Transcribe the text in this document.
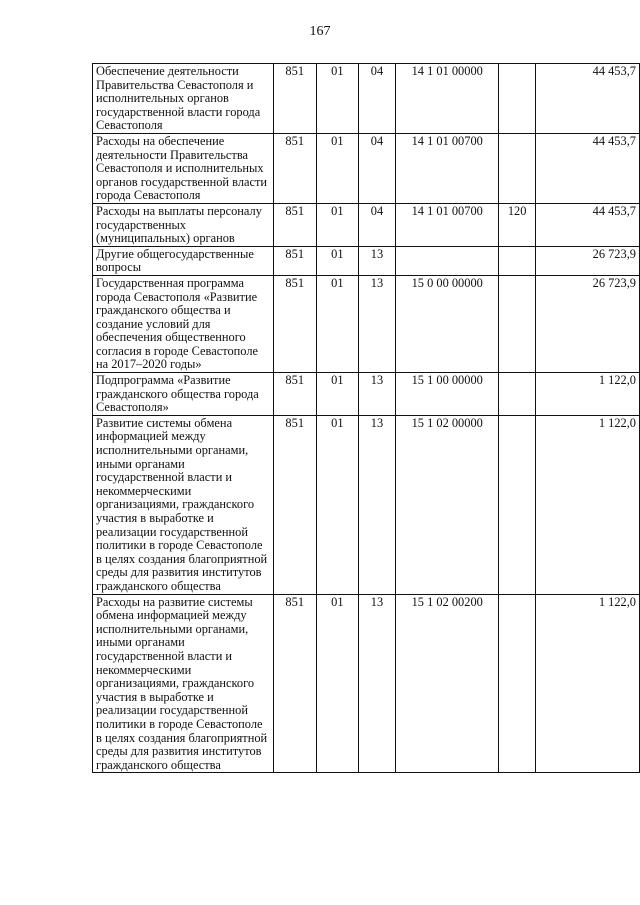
167
Обеспечение деятельности Правительства Севастополя и исполнительных органов государственной власти города Севастополя	851	01	04	14 1 01 00000		44 453,7
Расходы на обеспечение деятельности Правительства Севастополя и исполнительных органов государственной власти города Севастополя	851	01	04	14 1 01 00700		44 453,7
Расходы на выплаты персоналу государственных (муниципальных) органов	851	01	04	14 1 01 00700	120	44 453,7
Другие общегосударственные вопросы	851	01	13			26 723,9
Государственная программа города Севастополя «Развитие гражданского общества и создание условий для обеспечения общественного согласия в городе Севастополе на 2017–2020 годы»	851	01	13	15 0 00 00000		26 723,9
Подпрограмма «Развитие гражданского общества города Севастополя»	851	01	13	15 1 00 00000		1 122,0
Развитие системы обмена информацией между исполнительными органами, иными органами государственной власти и некоммерческими организациями, гражданского участия в выработке и реализации государственной политики в городе Севастополе в целях создания благоприятной среды для развития институтов гражданского общества	851	01	13	15 1 02 00000		1 122,0
Расходы на развитие системы обмена информацией между исполнительными органами, иными органами государственной власти и некоммерческими организациями, гражданского участия в выработке и реализации государственной политики в городе Севастополе в целях создания благоприятной среды для развития институтов гражданского общества	851	01	13	15 1 02 00200		1 122,0
